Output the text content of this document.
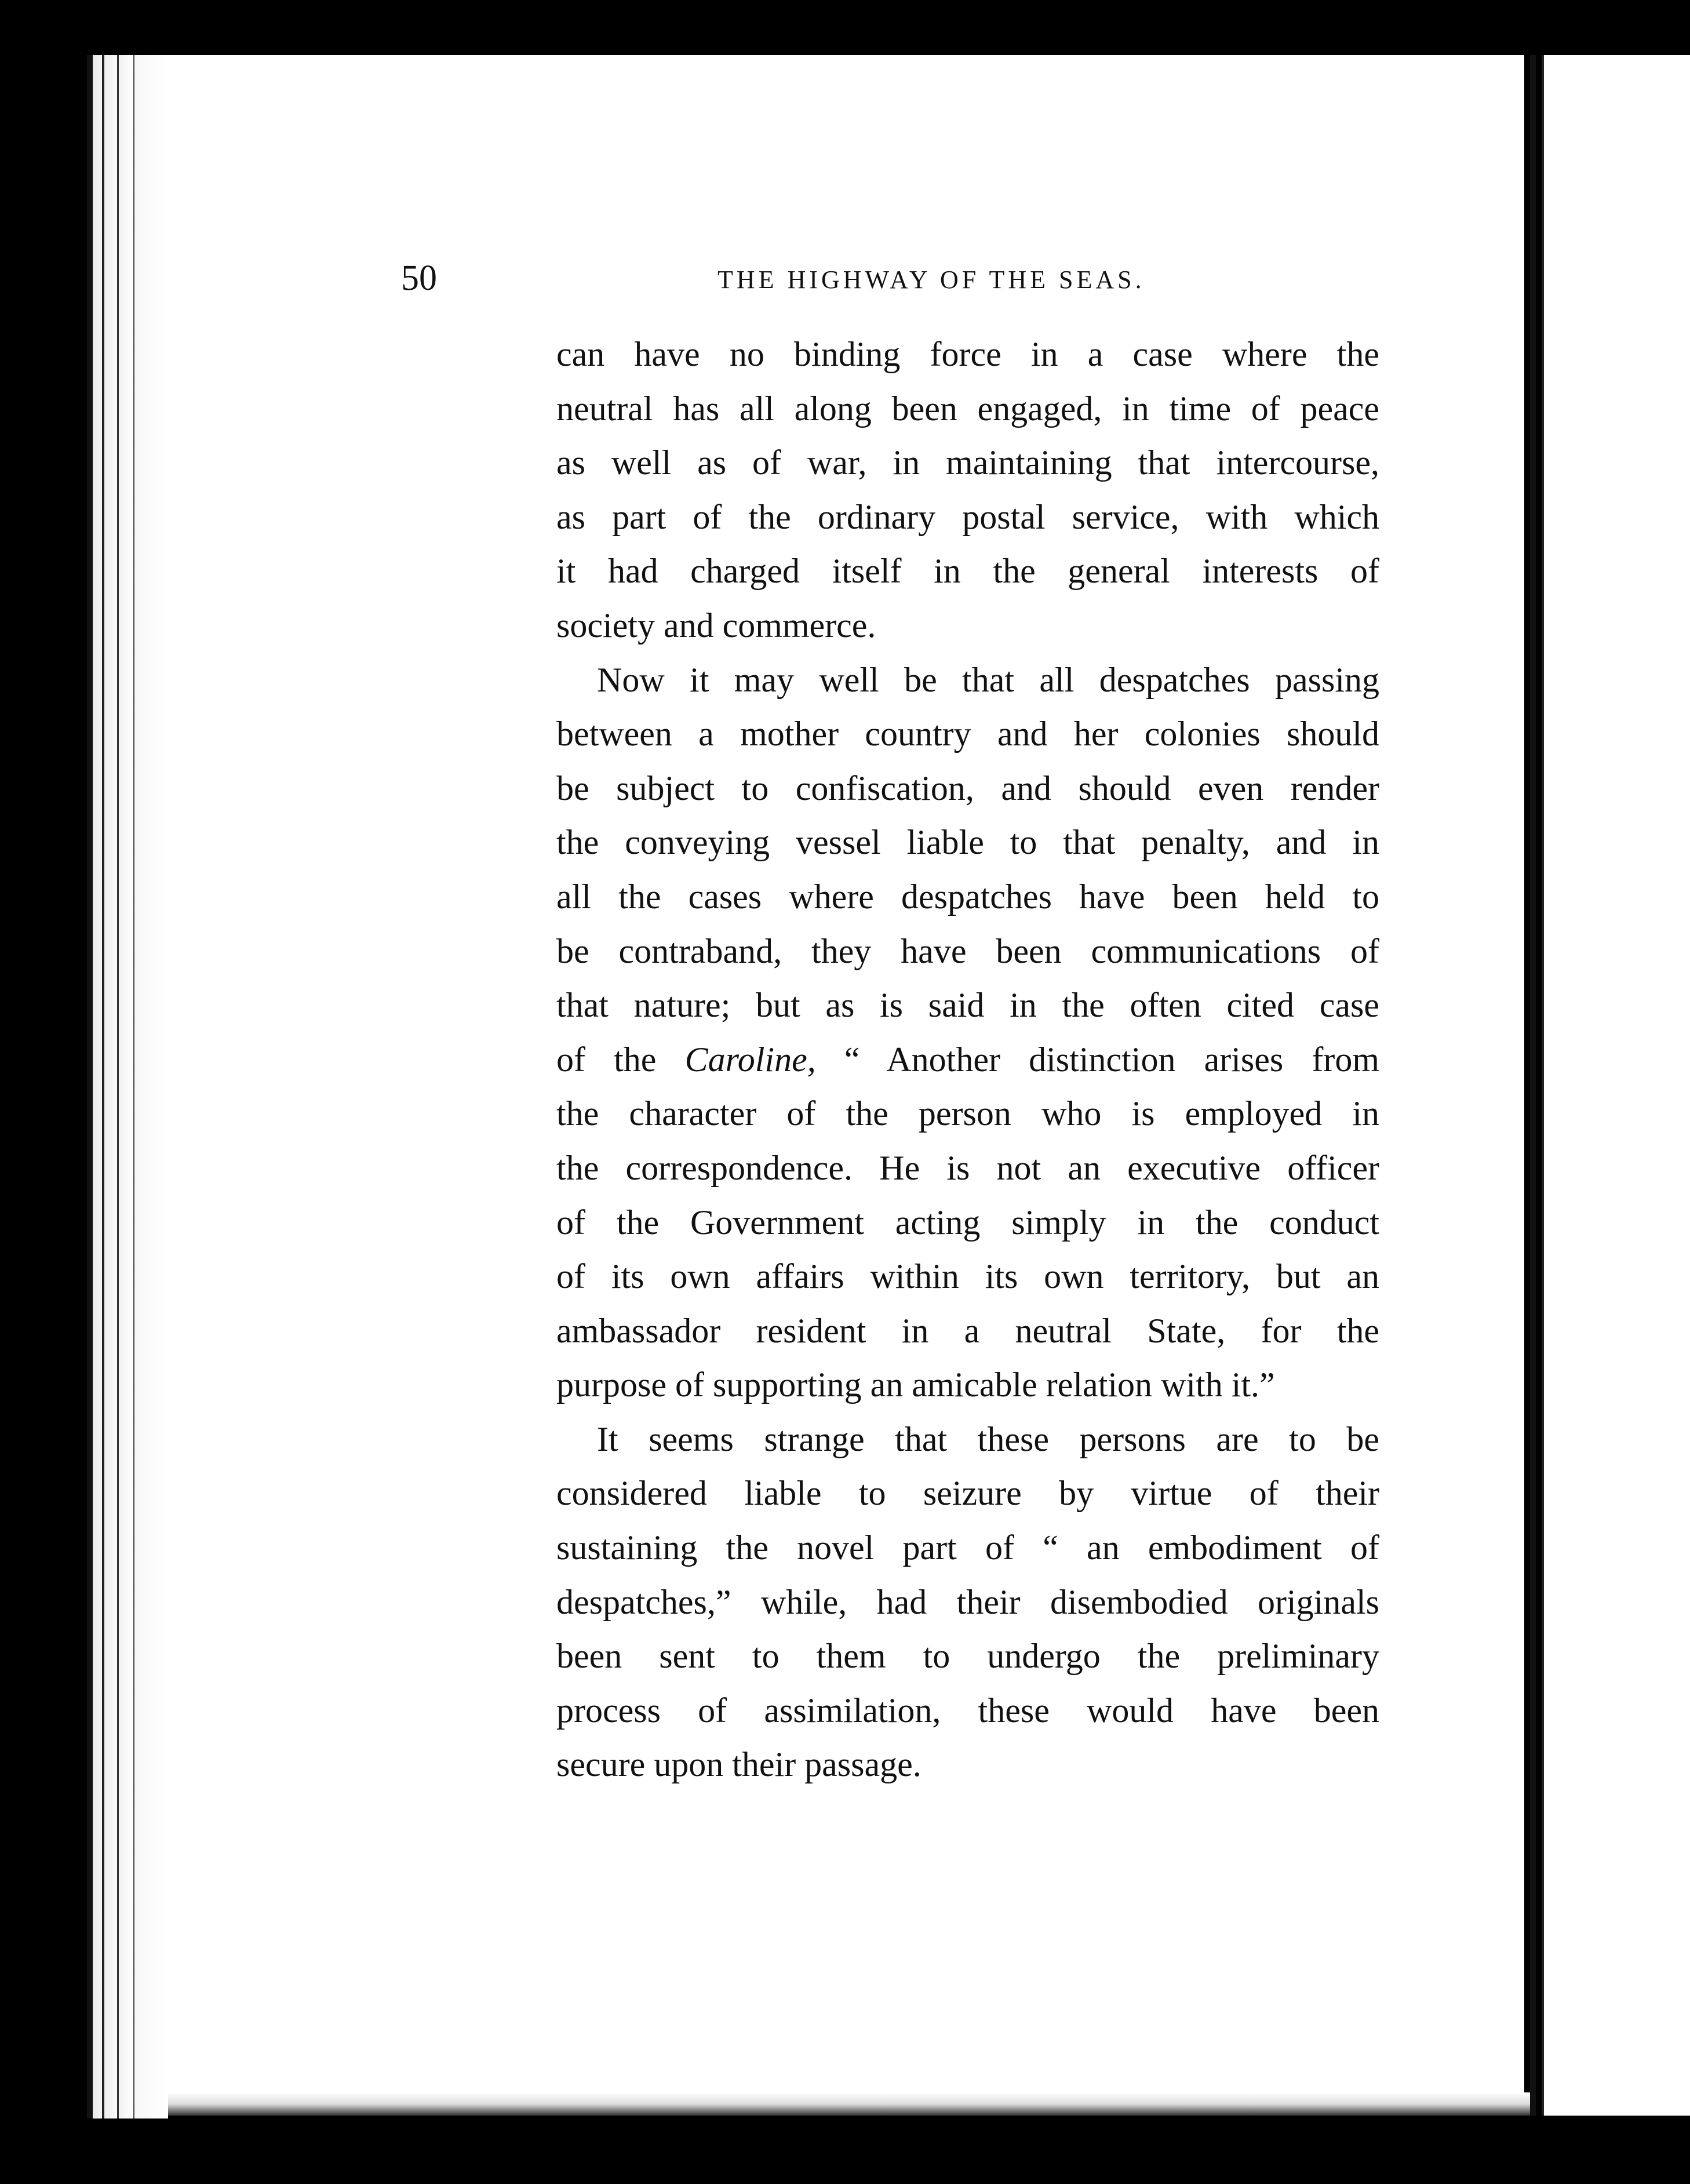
50	THE HIGHWAY OF THE SEAS.
can have no binding force in a case where the
neutral has all along been engaged, in time of peace
as well as of war, in maintaining that intercourse,
as part of the ordinary postal service, with which
it had charged itself in the general interests of
society and commerce.
Now it may well be that all despatches passing
between a mother country and her colonies should
be subject to confiscation, and should even render
the conveying vessel liable to that penalty, and in
all the cases where despatches have been held to
be contraband, they have been communications of
that nature; but as is said in the often cited case
of the Caroline, “ Another distinction arises from
the character of the person who is employed in
the correspondence. He is not an executive officer
of the Government acting simply in the conduct
of its own affairs within its own territory, but an
ambassador resident in a neutral State, for the
purpose of supporting an amicable relation with it.”
It seems strange that these persons are to be
considered liable to seizure by virtue of their
sustaining the novel part of “ an embodiment of
despatches,” while, had their disembodied originals
been sent to them to undergo the preliminary
process of assimilation, these would have been
secure upon their passage.
